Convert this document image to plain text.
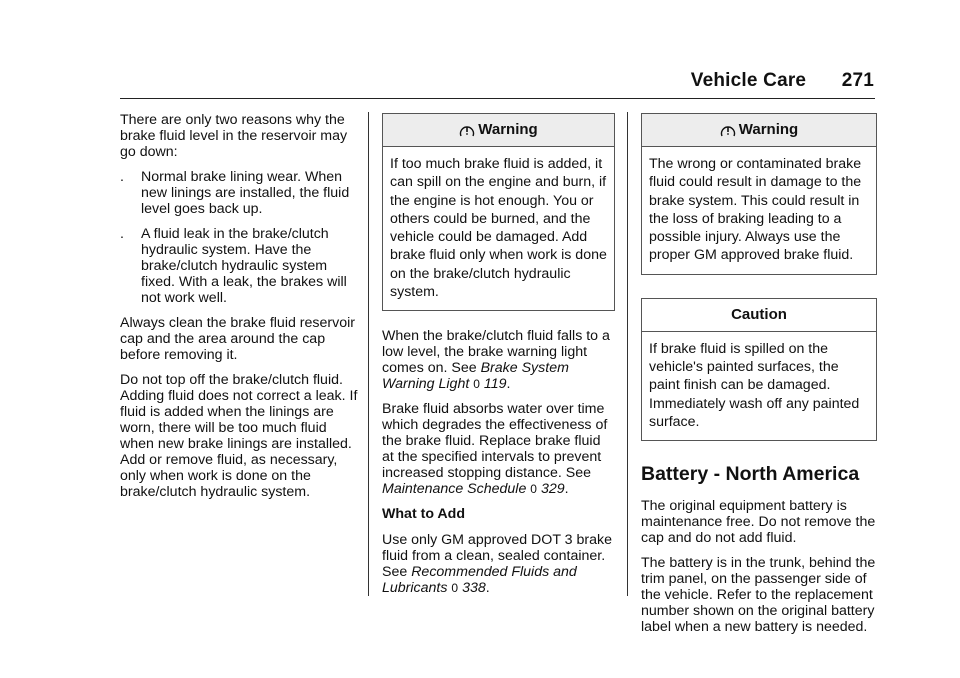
Vehicle Care 271

There are only two reasons why the brake fluid level in the reservoir may go down:

. Normal brake lining wear. When new linings are installed, the fluid level goes back up.
. A fluid leak in the brake/clutch hydraulic system. Have the brake/clutch hydraulic system fixed. With a leak, the brakes will not work well.

Always clean the brake fluid reservoir cap and the area around the cap before removing it.

Do not top off the brake/clutch fluid. Adding fluid does not correct a leak. If fluid is added when the linings are worn, there will be too much fluid when new brake linings are installed. Add or remove fluid, as necessary, only when work is done on the brake/clutch hydraulic system.

Warning
If too much brake fluid is added, it can spill on the engine and burn, if the engine is hot enough. You or others could be burned, and the vehicle could be damaged. Add brake fluid only when work is done on the brake/clutch hydraulic system.

When the brake/clutch fluid falls to a low level, the brake warning light comes on. See Brake System Warning Light 0 119.

Brake fluid absorbs water over time which degrades the effectiveness of the brake fluid. Replace brake fluid at the specified intervals to prevent increased stopping distance. See Maintenance Schedule 0 329.

What to Add

Use only GM approved DOT 3 brake fluid from a clean, sealed container. See Recommended Fluids and Lubricants 0 338.

Warning
The wrong or contaminated brake fluid could result in damage to the brake system. This could result in the loss of braking leading to a possible injury. Always use the proper GM approved brake fluid.
Caution
If brake fluid is spilled on the vehicle's painted surfaces, the paint finish can be damaged. Immediately wash off any painted surface.
Battery - North America

The original equipment battery is maintenance free. Do not remove the cap and do not add fluid.

The battery is in the trunk, behind the trim panel, on the passenger side of the vehicle. Refer to the replacement number shown on the original battery label when a new battery is needed.
